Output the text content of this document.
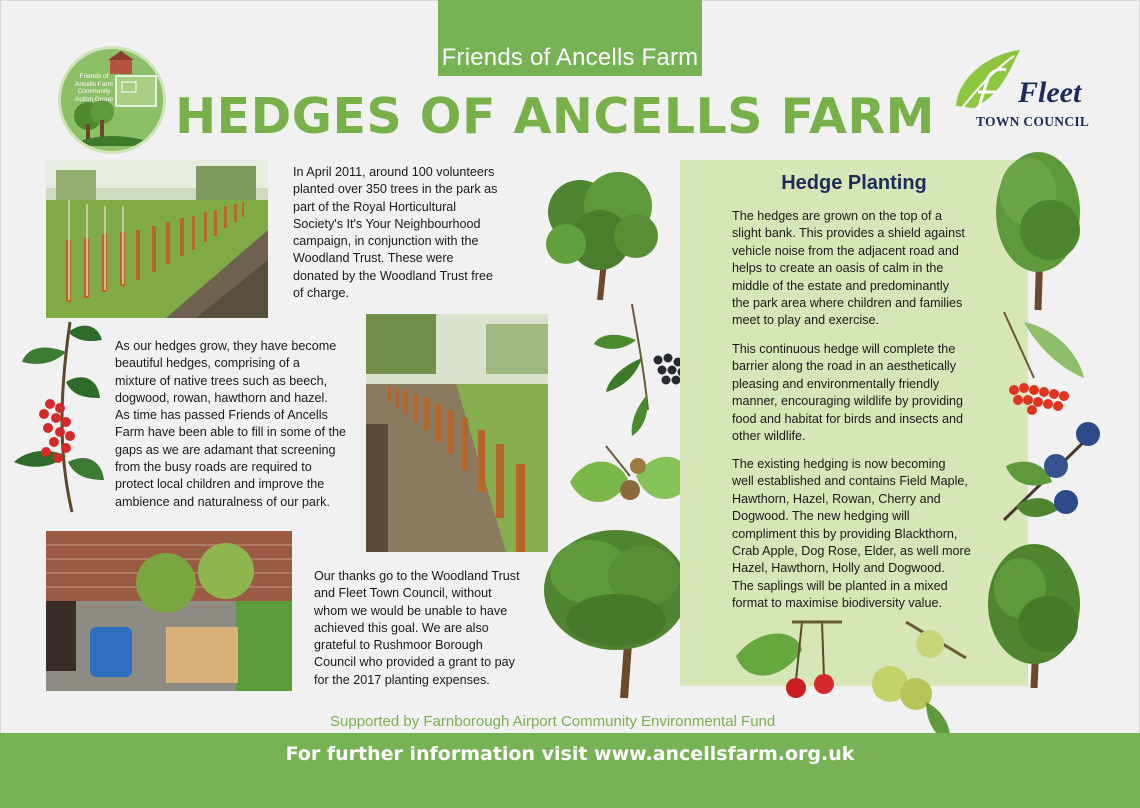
Friends of Ancells Farm
Friends of Ancells Farm Community Action Group HEDGES OF ANCELLS FARM	Fleet
TOWN COUNCIL
In April 2011, around 100 volunteers
planted over 350 trees in the park as
part of the Royal Horticultural
Society's It's Your Neighbourhood
campaign, in conjunction with the
Woodland Trust. These were
donated by the Woodland Trust free
of charge.
As our hedges grow, they have become
beautiful hedges, comprising of a
mixture of native trees such as beech,
dogwood, rowan, hawthorn and hazel.
As time has passed Friends of Ancells
Farm have been able to fill in some of the
gaps as we are adamant that screening
from the busy roads are required to
protect local children and improve the
ambience and naturalness of our park.
Our thanks go to the Woodland Trust
and Fleet Town Council, without
whom we would be unable to have
achieved this goal. We are also
grateful to Rushmoor Borough
Council who provided a grant to pay
for the 2017 planting expenses.
Hedge Planting
The hedges are grown on the top of a
slight bank. This provides a shield against
vehicle noise from the adjacent road and
helps to create an oasis of calm in the
middle of the estate and predominantly
the park area where children and families
meet to play and exercise.
This continuous hedge will complete the
barrier along the road in an aesthetically
pleasing and environmentally friendly
manner, encouraging wildlife by providing
food and habitat for birds and insects and
other wildlife.
The existing hedging is now becoming
well established and contains Field Maple,
Hawthorn, Hazel, Rowan, Cherry and
Dogwood. The new hedging will
compliment this by providing Blackthorn,
Crab Apple, Dog Rose, Elder, as well more
Hazel, Hawthorn, Holly and Dogwood.
The saplings will be planted in a mixed
format to maximise biodiversity value.
Supported by Farnborough Airport Community Environmental Fund
For further information visit www.ancellsfarm.org.uk
